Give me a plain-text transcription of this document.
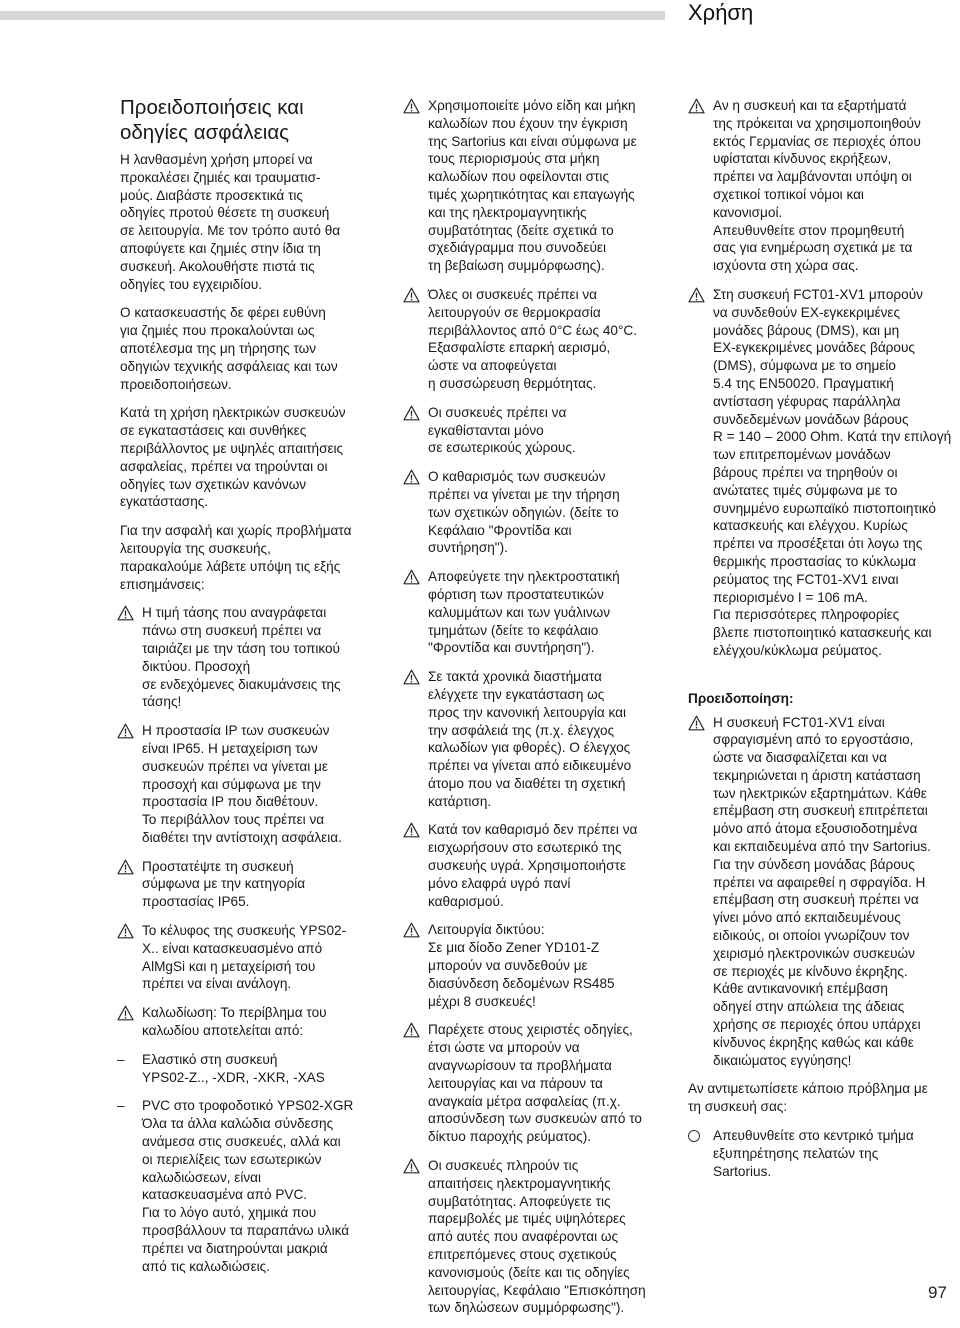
Χρήση
Προειδοποιήσεις και
οδηγίες ασφάλειας

Η λανθασμένη χρήση μπορεί να
προκαλέσει ζημιές και τραυματισ-
μούς. Διαβάστε προσεκτικά τις
οδηγίες προτού θέσετε τη συσκευή
σε λειτουργία. Με τον τρόπο αυτό θα
αποφύγετε και ζημιές στην ίδια τη
συσκευή. Ακολουθήστε πιστά τις
οδηγίες του εγχειριδίου.

Ο κατασκευαστής δε φέρει ευθύνη
για ζημιές που προκαλούνται ως
αποτέλεσμα της μη τήρησης των
οδηγιών τεχνικής ασφάλειας και των
προειδοποιήσεων.

Κατά τη χρήση ηλεκτρικών συσκευών
σε εγκαταστάσεις και συνθήκες
περιβάλλοντος με υψηλές απαιτήσεις
ασφαλείας, πρέπει να τηρούνται οι
οδηγίες των σχετικών κανόνων
εγκατάστασης.

Για την ασφαλή και χωρίς προβλήματα
λειτουργία της συσκευής,
παρακαλούμε λάβετε υπόψη τις εξής
επισημάνσεις:

Η τιμή τάσης που αναγράφεται
πάνω στη συσκευή πρέπει να
ταιριάζει με την τάση του τοπικού
δικτύου. Προσοχή
σε ενδεχόμενες διακυμάνσεις της
τάσης!
Η προστασία IP των συσκευών
είναι IP65. Η μεταχείριση των
συσκευών πρέπει να γίνεται με
προσοχή και σύμφωνα με την
προστασία IP που διαθέτουν.
Το περιβάλλον τους πρέπει να
διαθέτει την αντίστοιχη ασφάλεια.
Προστατέψτε τη συσκευή
σύμφωνα με την κατηγορία
προστασίας IP65.
Το κέλυφος της συσκευής YPS02-
X.. είναι κατασκευασμένο από
AlMgSi και η μεταχείρισή του
πρέπει να είναι ανάλογη.
Καλωδίωση: Το περίβλημα του
καλωδίου αποτελείται από:
– Ελαστικό στη συσκευή
YPS02-Z.., -XDR, -XKR, -XAS
– PVC στο τροφοδοτικό YPS02-XGR
Όλα τα άλλα καλώδια σύνδεσης
ανάμεσα στις συσκευές, αλλά και
οι περιελίξεις των εσωτερικών
καλωδιώσεων, είναι
κατασκευασμένα από PVC.
Για το λόγο αυτό, χημικά που
προσβάλλουν τα παραπάνω υλικά
πρέπει να διατηρούνται μακριά
από τις καλωδιώσεις.
Χρησιμοποιείτε μόνο είδη και μήκη
καλωδίων που έχουν την έγκριση
της Sartorius και είναι σύμφωνα με
τους περιορισμούς στα μήκη
καλωδίων που οφείλονται στις
τιμές χωρητικότητας και επαγωγής
και της ηλεκτρομαγνητικής
συμβατότητας (δείτε σχετικά το
σχεδιάγραμμα που συνοδεύει
τη βεβαίωση συμμόρφωσης).
Όλες οι συσκευές πρέπει να
λειτουργούν σε θερμοκρασία
περιβάλλοντος από 0°C έως 40°C.
Εξασφαλίστε επαρκή αερισμό,
ώστε να αποφεύγεται
η συσσώρευση θερμότητας.
Οι συσκευές πρέπει να
εγκαθίστανται μόνο
σε εσωτερικούς χώρους.
Ο καθαρισμός των συσκευών
πρέπει να γίνεται με την τήρηση
των σχετικών οδηγιών. (δείτε το
Κεφάλαιο "Φροντίδα και
συντήρηση").
Αποφεύγετε την ηλεκτροστατική
φόρτιση των προστατευτικών
καλυμμάτων και των γυάλινων
τμημάτων (δείτε το κεφάλαιο
"Φροντίδα και συντήρηση").
Σε τακτά χρονικά διαστήματα
ελέγχετε την εγκατάσταση ως
προς την κανονική λειτουργία και
την ασφάλειά της (π.χ. έλεγχος
καλωδίων για φθορές). Ο έλεγχος
πρέπει να γίνεται από ειδικευμένο
άτομο που να διαθέτει τη σχετική
κατάρτιση.
Κατά τον καθαρισμό δεν πρέπει να
εισχωρήσουν στο εσωτερικό της
συσκευής υγρά. Χρησιμοποιήστε
μόνο ελαφρά υγρό πανί
καθαρισμού.
Λειτουργία δικτύου:
Σε μια δίοδο Zener YD101-Z
μπορούν να συνδεθούν με
διασύνδεση δεδομένων RS485
μέχρι 8 συσκευές!
Παρέχετε στους χειριστές οδηγίες,
έτσι ώστε να μπορούν να
αναγνωρίσουν τα προβλήματα
λειτουργίας και να πάρουν τα
αναγκαία μέτρα ασφαλείας (π.χ.
αποσύνδεση των συσκευών από το
δίκτυο παροχής ρεύματος).
Οι συσκευές πληρούν τις
απαιτήσεις ηλεκτρομαγνητικής
συμβατότητας. Αποφεύγετε τις
παρεμβολές με τιμές υψηλότερες
από αυτές που αναφέρονται ως
επιτρεπόμενες στους σχετικούς
κανονισμούς (δείτε και τις οδηγίες
λειτουργίας, Κεφάλαιο "Επισκόπηση
των δηλώσεων συμμόρφωσης").
Αν η συσκευή και τα εξαρτήματά
της πρόκειται να χρησιμοποιηθούν
εκτός Γερμανίας σε περιοχές όπου
υφίσταται κίνδυνος εκρήξεων,
πρέπει να λαμβάνονται υπόψη οι
σχετικοί τοπικοί νόμοι και
κανονισμοί.
Απευθυνθείτε στον προμηθευτή
σας για ενημέρωση σχετικά με τα
ισχύοντα στη χώρα σας.
Στη συσκευή FCT01-XV1 μπορούν
να συνδεθούν EX-εγκεκριμένες
μονάδες βάρους (DMS), και μη
EX-εγκεκριμένες μονάδες βάρους
(DMS), σύμφωνα με το σημείο
5.4 της EN50020. Πραγματική
αντίσταση γέφυρας παράλληλα
συνδεδεμένων μονάδων βάρους
R = 140 – 2000 Ohm. Κατά την επιλογή
των επιτρεπομένων μονάδων
βάρους πρέπει να τηρηθούν οι
ανώτατες τιμές σύμφωνα με το
συνημμένο ευρωπαϊκό πιστοποιητικό
κατασκευής και ελέγχου. Κυρίως
πρέπει να προσέξεται ότι λογω της
θερμικής προστασίας το κύκλωμα
ρεύματος της FCT01-XV1 ειναι
περιορισμένο I = 106 mA.
Για περισσότερες πληροφορίες
βλεπε πιστοποιητικό κατασκευής και
ελέγχου/κύκλωμα ρεύματος.
Προειδοποίηση:
Η συσκευή FCT01-XV1 είναι
σφραγισμένη από το εργοστάσιο,
ώστε να διασφαλίζεται και να
τεκμηριώνεται η άριστη κατάσταση
των ηλεκτρικών εξαρτημάτων. Κάθε
επέμβαση στη συσκευή επιτρέπεται
μόνο από άτομα εξουσιοδοτημένα
και εκπαιδευμένα από την Sartorius.
Για την σύνδεση μονάδας βάρους
πρέπει να αφαιρεθεί η σφραγίδα. Η
επέμβαση στη συσκευή πρέπει να
γίνει μόνο από εκπαιδευμένους
ειδικούς, οι οποίοι γνωρίζουν τον
χειρισμό ηλεκτρονικών συσκευών
σε περιοχές με κίνδυνο έκρηξης.
Κάθε αντικανονική επέμβαση
οδηγεί στην απώλεια της άδειας
χρήσης σε περιοχές όπου υπάρχει
κίνδυνος έκρηξης καθώς και κάθε
δικαιώματος εγγύησης!

Αν αντιμετωπίσετε κάποιο πρόβλημα με
τη συσκευή σας:

Απευθυνθείτε στο κεντρικό τμήμα
εξυπηρέτησης πελατών της
Sartorius.
97
